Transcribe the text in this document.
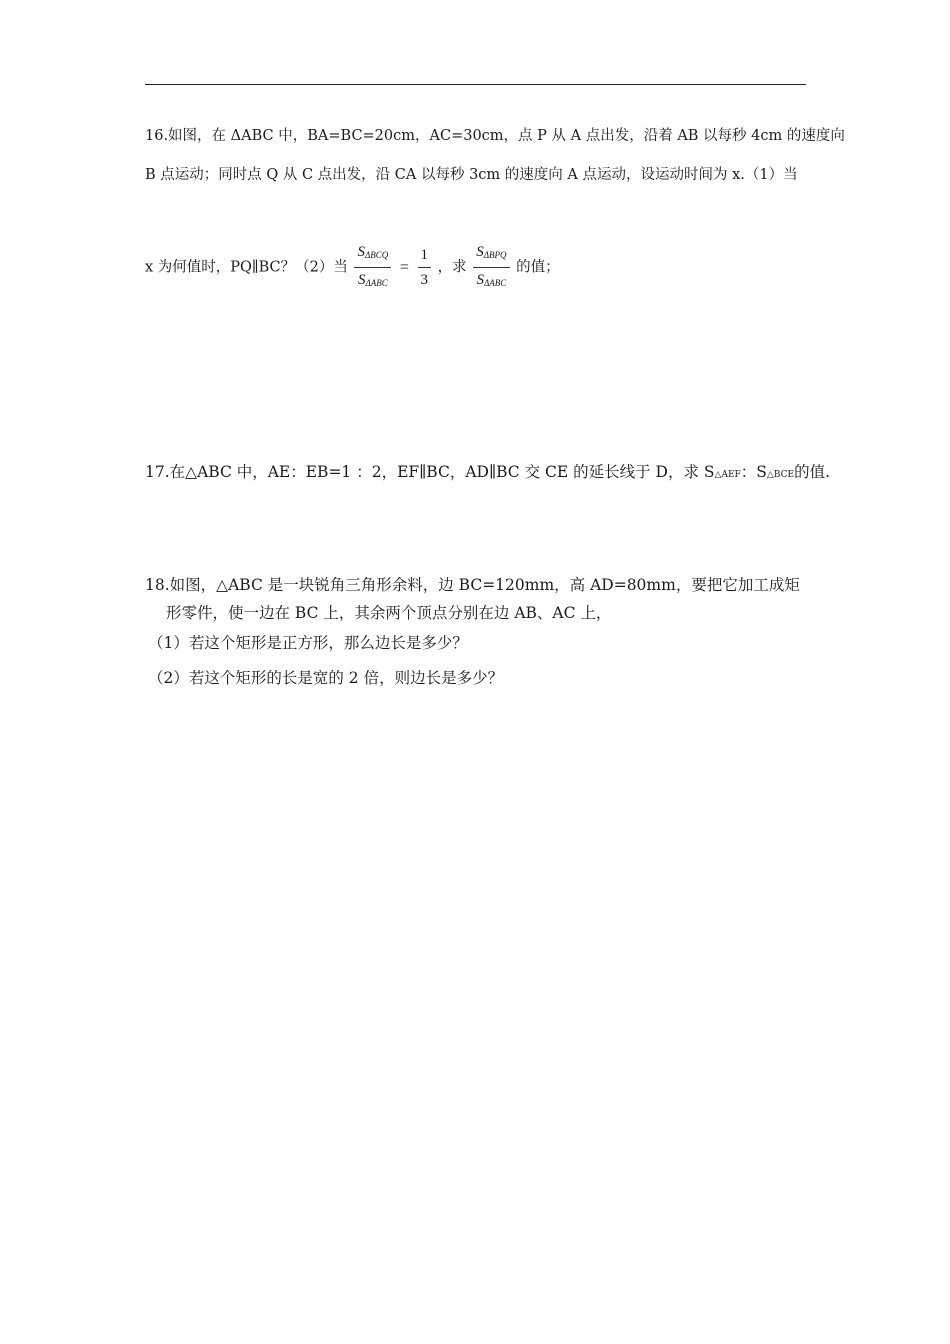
16.如图，在 ΔABC 中，BA=BC=20cm，AC=30cm，点 P 从 A 点出发，沿着 AB 以每秒 4cm 的速度向
B 点运动；同时点 Q 从 C 点出发，沿 CA 以每秒 3cm 的速度向 A 点运动，设运动时间为 x.（1）当
x 为何值时，PQ∥BC？（2）当 $\frac{S_{\Delta BCQ}}{S_{\Delta ABC}} = \frac{1}{3}$ ，求 $\frac{S_{\Delta BPQ}}{S_{\Delta ABC}}$ 的值；
17.在△ABC 中，AE：EB=1 ：2，EF∥BC，AD∥BC 交 CE 的延长线于 D，求 S△AEF：S△BCE的值.
18.如图，△ABC 是一块锐角三角形余料，边 BC=120mm，高 AD=80mm，要把它加工成矩
形零件，使一边在 BC 上，其余两个顶点分别在边 AB、AC 上，
（1）若这个矩形是正方形，那么边长是多少？
（2）若这个矩形的长是宽的 2 倍，则边长是多少？
